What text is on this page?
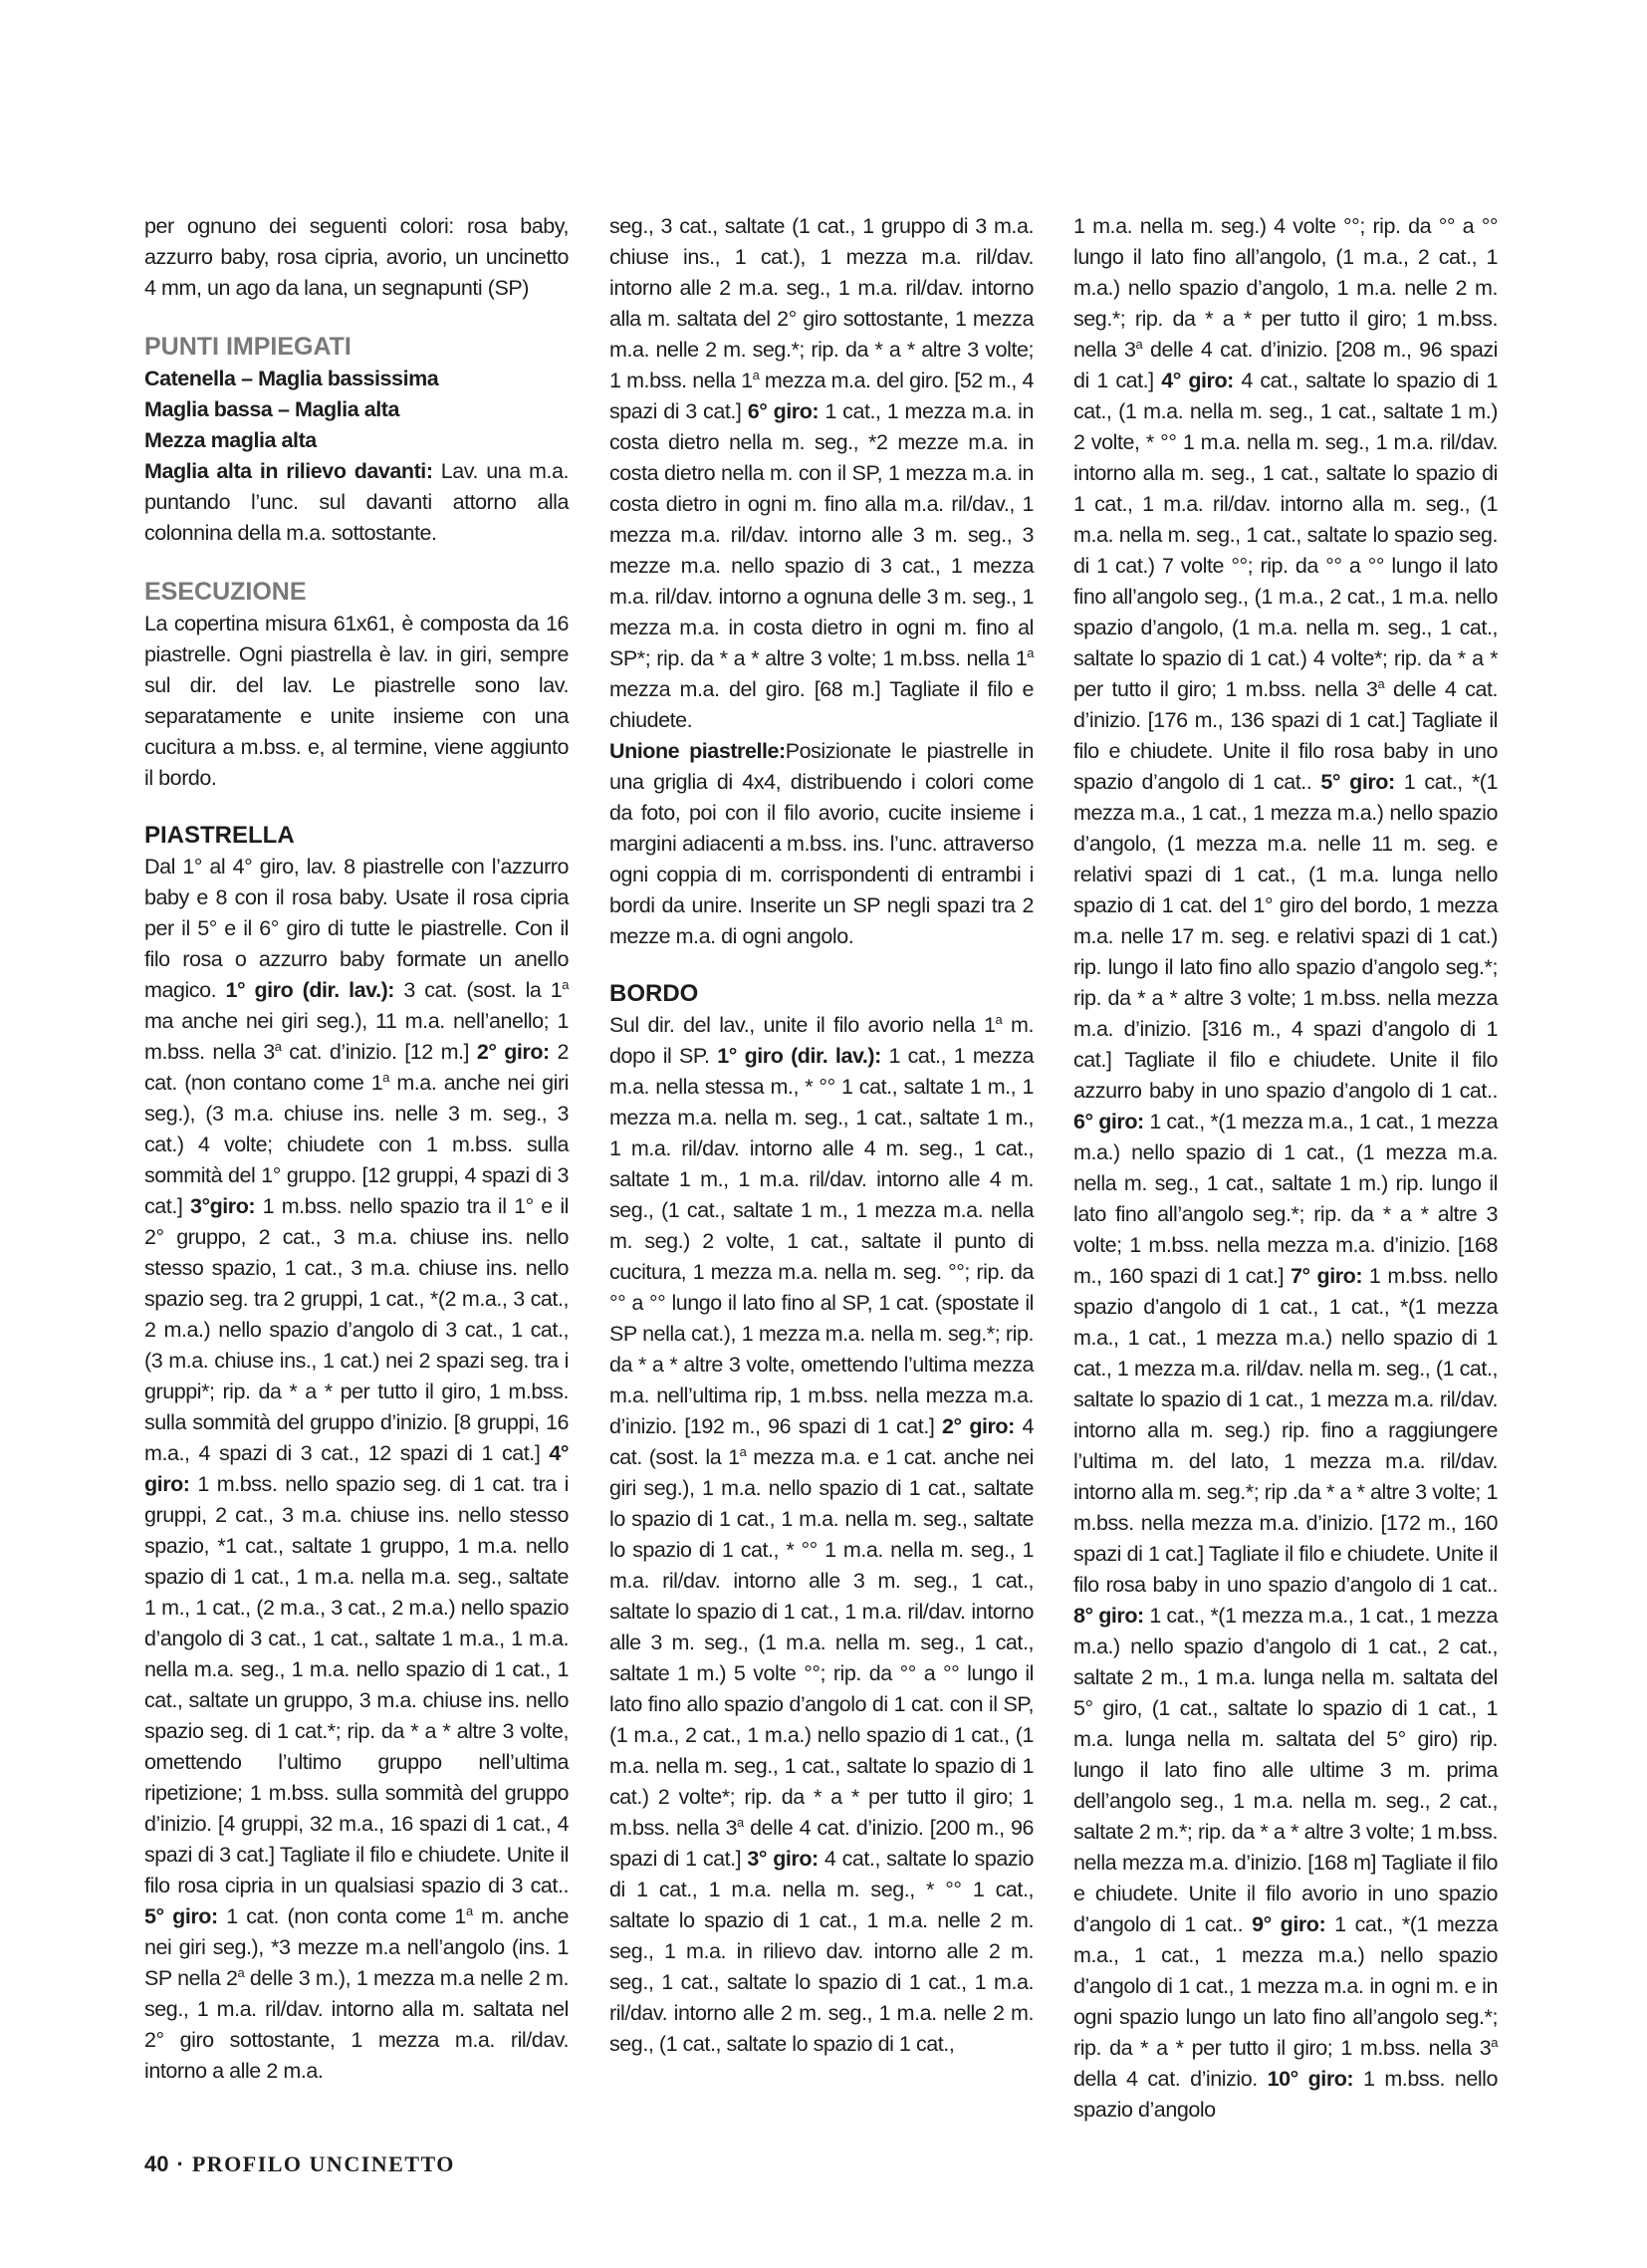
per ognuno dei seguenti colori: rosa baby, azzurro baby, rosa cipria, avorio, un uncinetto 4 mm, un ago da lana, un segnapunti (SP)

PUNTI IMPIEGATI

Catenella – Maglia bassissima

Maglia bassa – Maglia alta

Mezza maglia alta

Maglia alta in rilievo davanti: Lav. una m.a. puntando l’unc. sul davanti attorno alla colonnina della m.a. sottostante.

ESECUZIONE

La copertina misura 61x61, è composta da 16 piastrelle. Ogni piastrella è lav. in giri, sempre sul dir. del lav. Le piastrelle sono lav. separatamente e unite insieme con una cucitura a m.bss. e, al termine, viene aggiunto il bordo.

PIASTRELLA

Dal 1° al 4° giro, lav. 8 piastrelle con l’azzurro baby e 8 con il rosa baby. Usate il rosa cipria per il 5° e il 6° giro di tutte le piastrelle. Con il filo rosa o azzurro baby formate un anello magico. 1° giro (dir. lav.): 3 cat. (sost. la 1$^a$ ma anche nei giri seg.), 11 m.a. nell’anello; 1 m.bss. nella 3$^a$ cat. d’inizio. [12 m.] 2° giro: 2 cat. (non contano come 1$^a$ m.a. anche nei giri seg.), (3 m.a. chiuse ins. nelle 3 m. seg., 3 cat.) 4 volte; chiudete con 1 m.bss. sulla sommità del 1° gruppo. [12 gruppi, 4 spazi di 3 cat.] 3°giro: 1 m.bss. nello spazio tra il 1° e il 2° gruppo, 2 cat., 3 m.a. chiuse ins. nello stesso spazio, 1 cat., 3 m.a. chiuse ins. nello spazio seg. tra 2 gruppi, 1 cat., *(2 m.a., 3 cat., 2 m.a.) nello spazio d’angolo di 3 cat., 1 cat., (3 m.a. chiuse ins., 1 cat.) nei 2 spazi seg. tra i gruppi*; rip. da * a * per tutto il giro, 1 m.bss. sulla sommità del gruppo d’inizio. [8 gruppi, 16 m.a., 4 spazi di 3 cat., 12 spazi di 1 cat.] 4° giro: 1 m.bss. nello spazio seg. di 1 cat. tra i gruppi, 2 cat., 3 m.a. chiuse ins. nello stesso spazio, *1 cat., saltate 1 gruppo, 1 m.a. nello spazio di 1 cat., 1 m.a. nella m.a. seg., saltate 1 m., 1 cat., (2 m.a., 3 cat., 2 m.a.) nello spazio d’angolo di 3 cat., 1 cat., saltate 1 m.a., 1 m.a. nella m.a. seg., 1 m.a. nello spazio di 1 cat., 1 cat., saltate un gruppo, 3 m.a. chiuse ins. nello spazio seg. di 1 cat.*; rip. da * a * altre 3 volte, omettendo l’ultimo gruppo nell’ultima ripetizione; 1 m.bss. sulla sommità del gruppo d’inizio. [4 gruppi, 32 m.a., 16 spazi di 1 cat., 4 spazi di 3 cat.] Tagliate il filo e chiudete. Unite il filo rosa cipria in un qualsiasi spazio di 3 cat.. 5° giro: 1 cat. (non conta come 1$^a$ m. anche nei giri seg.), *3 mezze m.a nell’angolo (ins. 1 SP nella 2$^a$ delle 3 m.), 1 mezza m.a nelle 2 m. seg., 1 m.a. ril/dav. intorno alla m. saltata nel 2° giro sottostante, 1 mezza m.a. ril/dav. intorno a alle 2 m.a.

seg., 3 cat., saltate (1 cat., 1 gruppo di 3 m.a. chiuse ins., 1 cat.), 1 mezza m.a. ril/dav. intorno alle 2 m.a. seg., 1 m.a. ril/dav. intorno alla m. saltata del 2° giro sottostante, 1 mezza m.a. nelle 2 m. seg.*; rip. da * a * altre 3 volte; 1 m.bss. nella 1$^a$ mezza m.a. del giro. [52 m., 4 spazi di 3 cat.] 6° giro: 1 cat., 1 mezza m.a. in costa dietro nella m. seg., *2 mezze m.a. in costa dietro nella m. con il SP, 1 mezza m.a. in costa dietro in ogni m. fino alla m.a. ril/dav., 1 mezza m.a. ril/dav. intorno alle 3 m. seg., 3 mezze m.a. nello spazio di 3 cat., 1 mezza m.a. ril/dav. intorno a ognuna delle 3 m. seg., 1 mezza m.a. in costa dietro in ogni m. fino al SP*; rip. da * a * altre 3 volte; 1 m.bss. nella 1$^a$ mezza m.a. del giro. [68 m.] Tagliate il filo e chiudete.

Unione piastrelle:Posizionate le piastrelle in una griglia di 4x4, distribuendo i colori come da foto, poi con il filo avorio, cucite insieme i margini adiacenti a m.bss. ins. l’unc. attraverso ogni coppia di m. corrispondenti di entrambi i bordi da unire. Inserite un SP negli spazi tra 2 mezze m.a. di ogni angolo.

BORDO

Sul dir. del lav., unite il filo avorio nella 1$^a$ m. dopo il SP. 1° giro (dir. lav.): 1 cat., 1 mezza m.a. nella stessa m., * °° 1 cat., saltate 1 m., 1 mezza m.a. nella m. seg., 1 cat., saltate 1 m., 1 m.a. ril/dav. intorno alle 4 m. seg., 1 cat., saltate 1 m., 1 m.a. ril/dav. intorno alle 4 m. seg., (1 cat., saltate 1 m., 1 mezza m.a. nella m. seg.) 2 volte, 1 cat., saltate il punto di cucitura, 1 mezza m.a. nella m. seg. °°; rip. da °° a °° lungo il lato fino al SP, 1 cat. (spostate il SP nella cat.), 1 mezza m.a. nella m. seg.*; rip. da * a * altre 3 volte, omettendo l’ultima mezza m.a. nell’ultima rip, 1 m.bss. nella mezza m.a. d’inizio. [192 m., 96 spazi di 1 cat.] 2° giro: 4 cat. (sost. la 1$^a$ mezza m.a. e 1 cat. anche nei giri seg.), 1 m.a. nello spazio di 1 cat., saltate lo spazio di 1 cat., 1 m.a. nella m. seg., saltate lo spazio di 1 cat., * °° 1 m.a. nella m. seg., 1 m.a. ril/dav. intorno alle 3 m. seg., 1 cat., saltate lo spazio di 1 cat., 1 m.a. ril/dav. intorno alle 3 m. seg., (1 m.a. nella m. seg., 1 cat., saltate 1 m.) 5 volte °°; rip. da °° a °° lungo il lato fino allo spazio d’angolo di 1 cat. con il SP, (1 m.a., 2 cat., 1 m.a.) nello spazio di 1 cat., (1 m.a. nella m. seg., 1 cat., saltate lo spazio di 1 cat.) 2 volte*; rip. da * a * per tutto il giro; 1 m.bss. nella 3$^a$ delle 4 cat. d’inizio. [200 m., 96 spazi di 1 cat.] 3° giro: 4 cat., saltate lo spazio di 1 cat., 1 m.a. nella m. seg., * °° 1 cat., saltate lo spazio di 1 cat., 1 m.a. nelle 2 m. seg., 1 m.a. in rilievo dav. intorno alle 2 m. seg., 1 cat., saltate lo spazio di 1 cat., 1 m.a. ril/dav. intorno alle 2 m. seg., 1 m.a. nelle 2 m. seg., (1 cat., saltate lo spazio di 1 cat.,

1 m.a. nella m. seg.) 4 volte °°; rip. da °° a °° lungo il lato fino all’angolo, (1 m.a., 2 cat., 1 m.a.) nello spazio d’angolo, 1 m.a. nelle 2 m. seg.*; rip. da * a * per tutto il giro; 1 m.bss. nella 3$^a$ delle 4 cat. d’inizio. [208 m., 96 spazi di 1 cat.] 4° giro: 4 cat., saltate lo spazio di 1 cat., (1 m.a. nella m. seg., 1 cat., saltate 1 m.) 2 volte, * °° 1 m.a. nella m. seg., 1 m.a. ril/dav. intorno alla m. seg., 1 cat., saltate lo spazio di 1 cat., 1 m.a. ril/dav. intorno alla m. seg., (1 m.a. nella m. seg., 1 cat., saltate lo spazio seg. di 1 cat.) 7 volte °°; rip. da °° a °° lungo il lato fino all’angolo seg., (1 m.a., 2 cat., 1 m.a. nello spazio d’angolo, (1 m.a. nella m. seg., 1 cat., saltate lo spazio di 1 cat.) 4 volte*; rip. da * a * per tutto il giro; 1 m.bss. nella 3$^a$ delle 4 cat. d’inizio. [176 m., 136 spazi di 1 cat.] Tagliate il filo e chiudete. Unite il filo rosa baby in uno spazio d’angolo di 1 cat.. 5° giro: 1 cat., *(1 mezza m.a., 1 cat., 1 mezza m.a.) nello spazio d’angolo, (1 mezza m.a. nelle 11 m. seg. e relativi spazi di 1 cat., (1 m.a. lunga nello spazio di 1 cat. del 1° giro del bordo, 1 mezza m.a. nelle 17 m. seg. e relativi spazi di 1 cat.) rip. lungo il lato fino allo spazio d’angolo seg.*; rip. da * a * altre 3 volte; 1 m.bss. nella mezza m.a. d’inizio. [316 m., 4 spazi d’angolo di 1 cat.] Tagliate il filo e chiudete. Unite il filo azzurro baby in uno spazio d’angolo di 1 cat.. 6° giro: 1 cat., *(1 mezza m.a., 1 cat., 1 mezza m.a.) nello spazio di 1 cat., (1 mezza m.a. nella m. seg., 1 cat., saltate 1 m.) rip. lungo il lato fino all’angolo seg.*; rip. da * a * altre 3 volte; 1 m.bss. nella mezza m.a. d’inizio. [168 m., 160 spazi di 1 cat.] 7° giro: 1 m.bss. nello spazio d’angolo di 1 cat., 1 cat., *(1 mezza m.a., 1 cat., 1 mezza m.a.) nello spazio di 1 cat., 1 mezza m.a. ril/dav. nella m. seg., (1 cat., saltate lo spazio di 1 cat., 1 mezza m.a. ril/dav. intorno alla m. seg.) rip. fino a raggiungere l’ultima m. del lato, 1 mezza m.a. ril/dav. intorno alla m. seg.*; rip .da * a * altre 3 volte; 1 m.bss. nella mezza m.a. d’inizio. [172 m., 160 spazi di 1 cat.] Tagliate il filo e chiudete. Unite il filo rosa baby in uno spazio d’angolo di 1 cat.. 8° giro: 1 cat., *(1 mezza m.a., 1 cat., 1 mezza m.a.) nello spazio d’angolo di 1 cat., 2 cat., saltate 2 m., 1 m.a. lunga nella m. saltata del 5° giro, (1 cat., saltate lo spazio di 1 cat., 1 m.a. lunga nella m. saltata del 5° giro) rip. lungo il lato fino alle ultime 3 m. prima dell’angolo seg., 1 m.a. nella m. seg., 2 cat., saltate 2 m.*; rip. da * a * altre 3 volte; 1 m.bss. nella mezza m.a. d’inizio. [168 m] Tagliate il filo e chiudete. Unite il filo avorio in uno spazio d’angolo di 1 cat.. 9° giro: 1 cat., *(1 mezza m.a., 1 cat., 1 mezza m.a.) nello spazio d’angolo di 1 cat., 1 mezza m.a. in ogni m. e in ogni spazio lungo un lato fino all’angolo seg.*; rip. da * a * per tutto il giro; 1 m.bss. nella 3$^a$ della 4 cat. d’inizio. 10° giro: 1 m.bss. nello spazio d’angolo

40 · PROFILO UNCINETTO
